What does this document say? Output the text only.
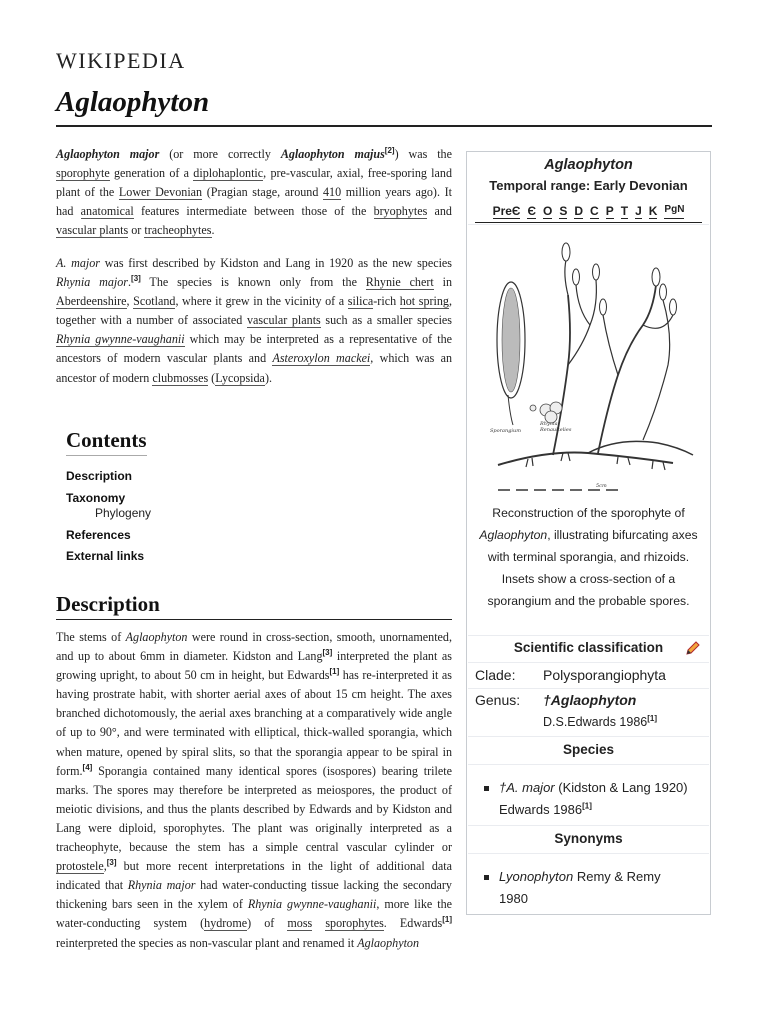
WIKIPEDIA
Aglaophyton

Aglaophyton major (or more correctly Aglaophyton majus[2]) was the sporophyte generation of a diplohaplontic, pre-vascular, axial, free-sporing land plant of the Lower Devonian (Pragian stage, around 410 million years ago). It had anatomical features intermediate between those of the bryophytes and vascular plants or tracheophytes.

A. major was first described by Kidston and Lang in 1920 as the new species Rhynia major.[3] The species is known only from the Rhynie chert in Aberdeenshire, Scotland, where it grew in the vicinity of a silica-rich hot spring, together with a number of associated vascular plants such as a smaller species Rhynia gwynne-vaughanii which may be interpreted as a representative of the ancestors of modern vascular plants and Asteroxylon mackei, which was an ancestor of modern clubmosses (Lycopsida).

Contents
Description
Taxonomy
Phylogeny
References
External links
Description

The stems of Aglaophyton were round in cross-section, smooth, unornamented, and up to about 6mm in diameter. Kidston and Lang[3] interpreted the plant as growing upright, to about 50 cm in height, but Edwards[1] has re-interpreted it as having prostrate habit, with shorter aerial axes of about 15 cm height. The axes branched dichotomously, the aerial axes branching at a comparatively wide angle of up to 90°, and were terminated with elliptical, thick-walled sporangia, which when mature, opened by spiral slits, so that the sporangia appear to be spiral in form.[4] Sporangia contained many identical spores (isospores) bearing trilete marks. The spores may therefore be interpreted as meiospores, the product of meiotic divisions, and thus the plants described by Edwards and by Kidston and Lang were diploid, sporophytes. The plant was originally interpreted as a tracheophyte, because the stem has a simple central vascular cylinder or protostele,[3] but more recent interpretations in the light of additional data indicated that Rhynia major had water-conducting tissue lacking the secondary thickening bars seen in the xylem of Rhynia gwynne-vaughanii, more like the water-conducting system (hydrome) of moss sporophytes. Edwards[1] reinterpreted the species as non-vascular plant and renamed it Aglaophyton

Aglaophyton
Temporal range: Early Devonian
PreЄ Є O S D C P T J K PgN
Sporangium
Rhynia
Renaultelies
5cm
Reconstruction of the sporophyte of Aglaophyton, illustrating bifurcating axes with terminal sporangia, and rhizoids. Insets show a cross-section of a sporangium and the probable spores.
Scientific classification
Clade: Polysporangiophyta
Genus: †Aglaophyton
D.S.Edwards 1986[1]
Species
†A. major (Kidston & Lang 1920)
Edwards 1986[1]
Synonyms
Lyonophyton Remy & Remy
1980
